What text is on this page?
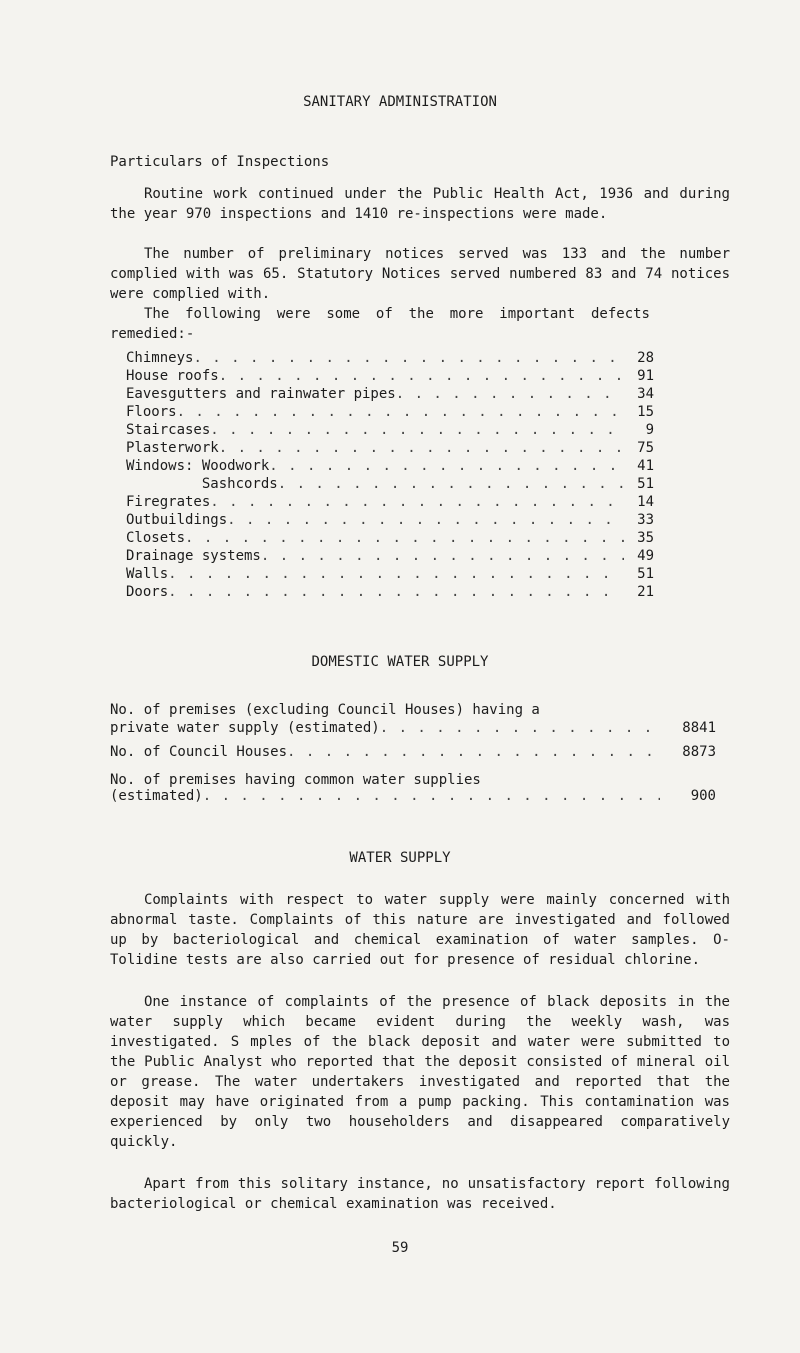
SANITARY ADMINISTRATION
Particulars of Inspections
Routine work continued under the Public Health Act, 1936 and during the year 970 inspections and 1410 re-inspections were made.
The number of preliminary notices served was 133 and the number complied with was 65. Statutory Notices served numbered 83 and 74 notices were complied with.
The following were some of the more important defects remedied:-
Chimneys . . .	28
House roofs . . .	91
Eavesgutters and rainwater pipes . . .	34
Floors . . .	15
Staircases . . .	9
Plasterwork . . .	75
Windows: Woodwork . . .	41
Sashcords . . .	51
Firegrates . . .	14
Outbuildings . . .	33
Closets . . .	35
Drainage systems . . .	49
Walls . . .	51
Doors . . .	21
DOMESTIC WATER SUPPLY
No. of premises (excluding Council Houses) having a
private water supply (estimated) . . .	8841
No. of Council Houses . . .	8873
No. of premises having common water supplies
(estimated) . . .	900
WATER SUPPLY
Complaints with respect to water supply were mainly concerned with abnormal taste. Complaints of this nature are investigated and followed up by bacteriological and chemical examination of water samples. O-Tolidine tests are also carried out for presence of residual chlorine.
One instance of complaints of the presence of black deposits in the water supply which became evident during the weekly wash, was investigated. S mples of the black deposit and water were submitted to the Public Analyst who reported that the deposit consisted of mineral oil or grease. The water undertakers investigated and reported that the deposit may have originated from a pump packing. This contamination was experienced by only two householders and disappeared comparatively quickly.
Apart from this solitary instance, no unsatisfactory report following bacteriological or chemical examination was received.
59
